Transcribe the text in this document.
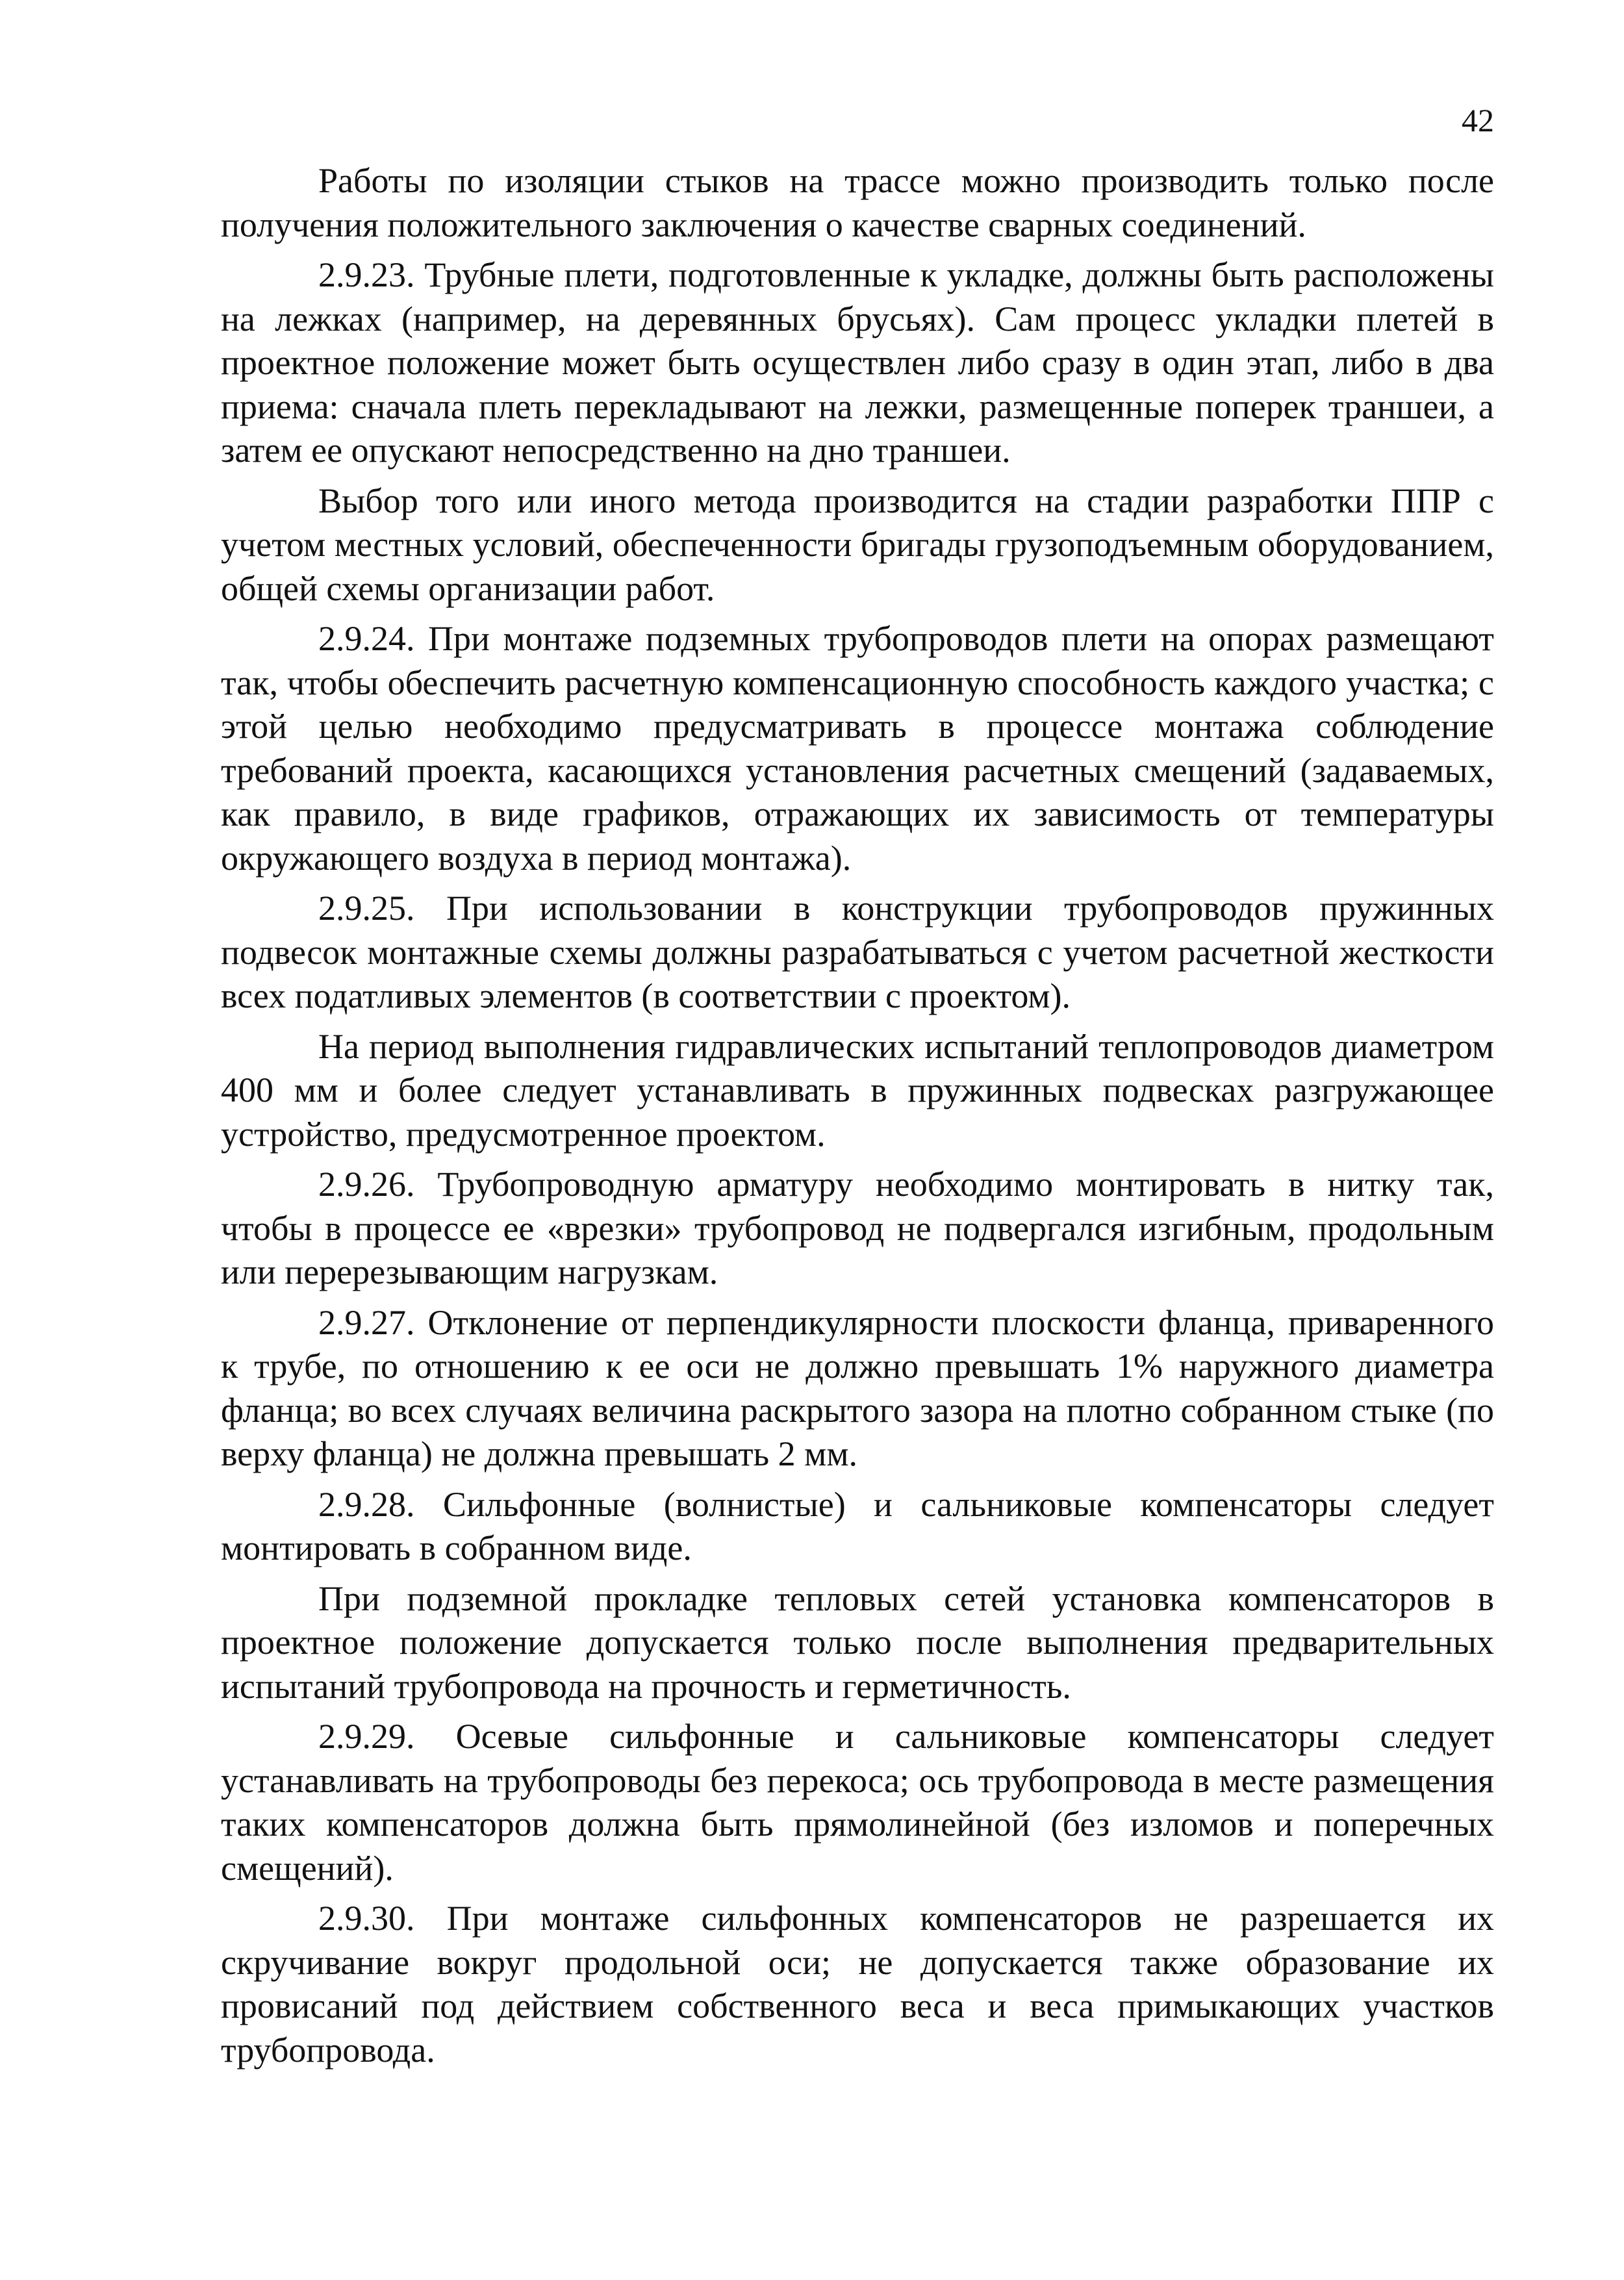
42

Работы по изоляции стыков на трассе можно производить только после получения положительного заключения о качестве сварных соединений.

2.9.23. Трубные плети, подготовленные к укладке, должны быть расположены на лежках (например, на деревянных брусьях). Сам процесс укладки плетей в проектное положение может быть осуществлен либо сразу в один этап, либо в два приема: сначала плеть перекладывают на лежки, размещенные поперек траншеи, а затем ее опускают непосредственно на дно траншеи.

Выбор того или иного метода производится на стадии разработки ППР с учетом местных условий, обеспеченности бригады грузоподъемным оборудованием, общей схемы организации работ.

2.9.24. При монтаже подземных трубопроводов плети на опорах размещают так, чтобы обеспечить расчетную компенсационную способность каждого участка; с этой целью необходимо предусматривать в процессе монтажа соблюдение требований проекта, касающихся установления расчетных смещений (задаваемых, как правило, в виде графиков, отражающих их зависимость от температуры окружающего воздуха в период монтажа).

2.9.25. При использовании в конструкции трубопроводов пружинных подвесок монтажные схемы должны разрабатываться с учетом расчетной жесткости всех податливых элементов (в соответствии с проектом).

На период выполнения гидравлических испытаний теплопроводов диаметром 400 мм и более следует устанавливать в пружинных подвесках разгружающее устройство, предусмотренное проектом.

2.9.26. Трубопроводную арматуру необходимо монтировать в нитку так, чтобы в процессе ее «врезки» трубопровод не подвергался изгибным, продольным или перерезывающим нагрузкам.

2.9.27. Отклонение от перпендикулярности плоскости фланца, приваренного к трубе, по отношению к ее оси не должно превышать 1% наружного диаметра фланца; во всех случаях величина раскрытого зазора на плотно собранном стыке (по верху фланца) не должна превышать 2 мм.

2.9.28. Сильфонные (волнистые) и сальниковые компенсаторы следует монтировать в собранном виде.

При подземной прокладке тепловых сетей установка компенсаторов в проектное положение допускается только после выполнения предварительных испытаний трубопровода на прочность и герметичность.

2.9.29. Осевые сильфонные и сальниковые компенсаторы следует устанавливать на трубопроводы без перекоса; ось трубопровода в месте размещения таких компенсаторов должна быть прямолинейной (без изломов и поперечных смещений).

2.9.30. При монтаже сильфонных компенсаторов не разрешается их скручивание вокруг продольной оси; не допускается также образование их провисаний под действием собственного веса и веса примыкающих участков трубопровода.
